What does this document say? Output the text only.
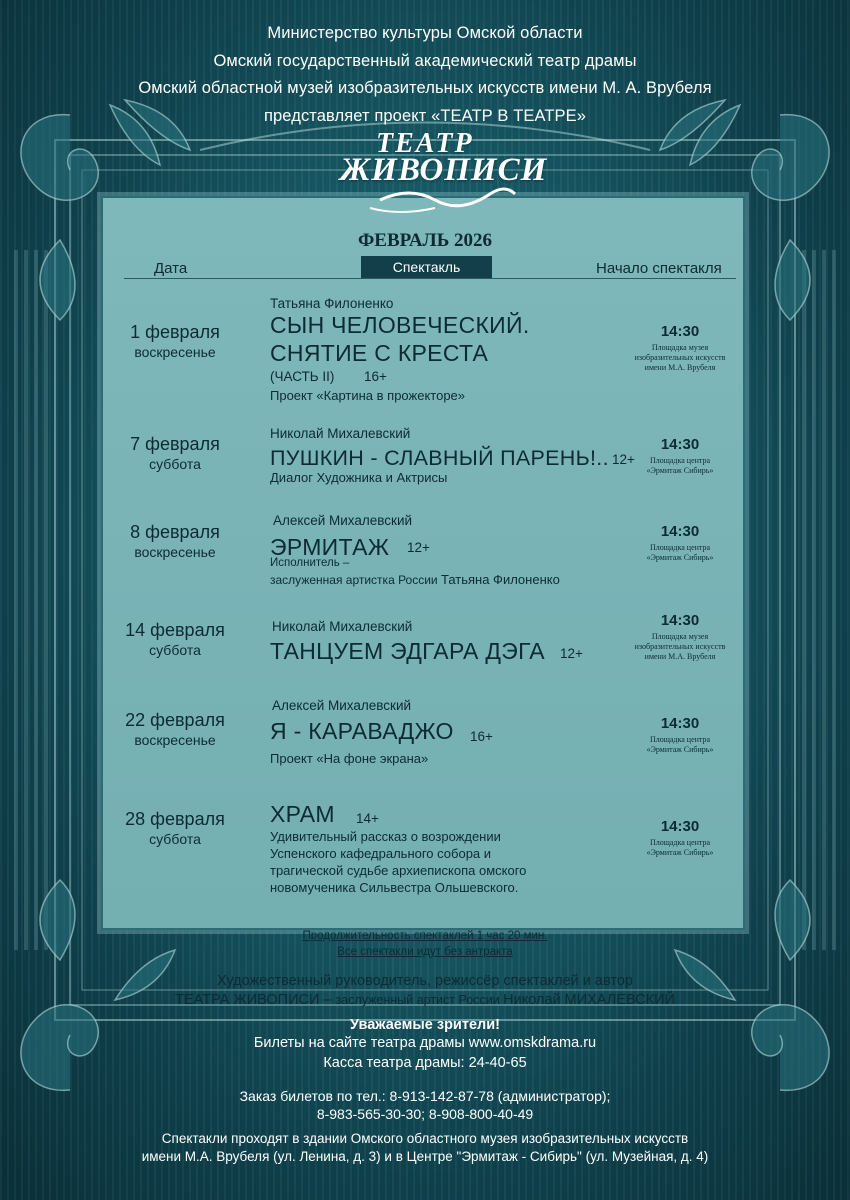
Министерство культуры Омской области
Омский государственный академический театр драмы
Омский областной музей изобразительных искусств имени М. А. Врубеля
представляет проект «ТЕАТР В ТЕАТРЕ»
ТЕАТР
ЖИВОПИСИ
ФЕВРАЛЬ 2026
Дата	Спектакль	Начало спектакля
1 февраля
воскресенье
Татьяна Филоненко
СЫН ЧЕЛОВЕЧЕСКИЙ.
СНЯТИЕ С КРЕСТА
(ЧАСТЬ II) 16+
Проект «Картина в прожекторе»
14:30
Площадка музея
изобразительных искусств
имени М.А. Врубеля
7 февраля
суббота
Николай Михалевский
ПУШКИН - СЛАВНЫЙ ПАРЕНЬ!.. 12+
Диалог Художника и Актрисы
14:30
Площадка центра
«Эрмитаж Сибирь»
8 февраля
воскресенье
Алексей Михалевский
ЭРМИТАЖ 12+
Исполнитель –
заслуженная артистка России Татьяна Филоненко
14:30
Площадка центра
«Эрмитаж Сибирь»
14 февраля
суббота
Николай Михалевский
ТАНЦУЕМ ЭДГАРА ДЭГА 12+
14:30
Площадка музея
изобразительных искусств
имени М.А. Врубеля
22 февраля
воскресенье
Алексей Михалевский
Я - КАРАВАДЖО 16+
Проект «На фоне экрана»
14:30
Площадка центра
«Эрмитаж Сибирь»
28 февраля
суббота
ХРАМ 14+
Удивительный рассказ о возрождении
Успенского кафедрального собора и
трагической судьбе архиепископа омского
новомученика Сильвестра Ольшевского.
14:30
Площадка центра
«Эрмитаж Сибирь»
Продолжительность спектаклей 1 час 20 мин.
Все спектакли идут без антракта
Художественный руководитель, режиссёр спектаклей и автор
ТЕАТРА ЖИВОПИСИ – заслуженный артист России Николай МИХАЛЕВСКИЙ
Уважаемые зрители!
Билеты на сайте театра драмы www.omskdrama.ru
Касса театра драмы: 24-40-65
Заказ билетов по тел.: 8-913-142-87-78 (администратор);
8-983-565-30-30; 8-908-800-40-49
Спектакли проходят в здании Омского областного музея изобразительных искусств
имени М.А. Врубеля (ул. Ленина, д. 3) и в Центре "Эрмитаж - Сибирь" (ул. Музейная, д. 4)
